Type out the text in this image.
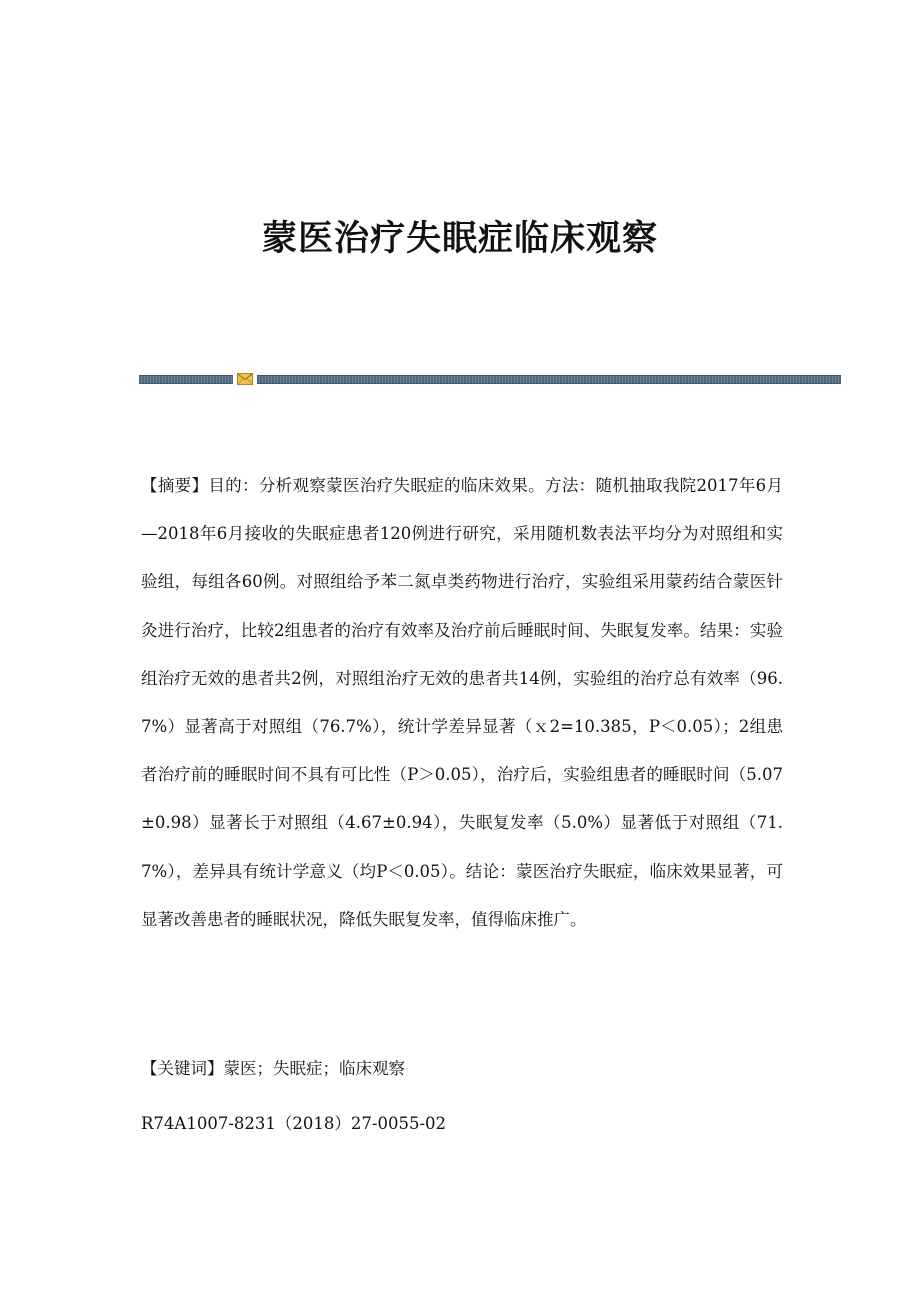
蒙医治疗失眠症临床观察
【摘要】目的：分析观察蒙医治疗失眠症的临床效果。方法：随机抽取我院2017年6月—2018年6月接收的失眠症患者120例进行研究，采用随机数表法平均分为对照组和实验组，每组各60例。对照组给予苯二氮卓类药物进行治疗，实验组采用蒙药结合蒙医针灸进行治疗，比较2组患者的治疗有效率及治疗前后睡眠时间、失眠复发率。结果：实验组治疗无效的患者共2例，对照组治疗无效的患者共14例，实验组的治疗总有效率（96.7%）显著高于对照组（76.7%），统计学差异显著（ｘ2=10.385，P＜0.05）；2组患者治疗前的睡眠时间不具有可比性（P＞0.05），治疗后，实验组患者的睡眠时间（5.07±0.98）显著长于对照组（4.67±0.94），失眠复发率（5.0%）显著低于对照组（71.7%），差异具有统计学意义（均P＜0.05）。结论：蒙医治疗失眠症，临床效果显著，可显著改善患者的睡眠状况，降低失眠复发率，值得临床推广。
【关键词】蒙医；失眠症；临床观察
R74A1007-8231（2018）27-0055-02
